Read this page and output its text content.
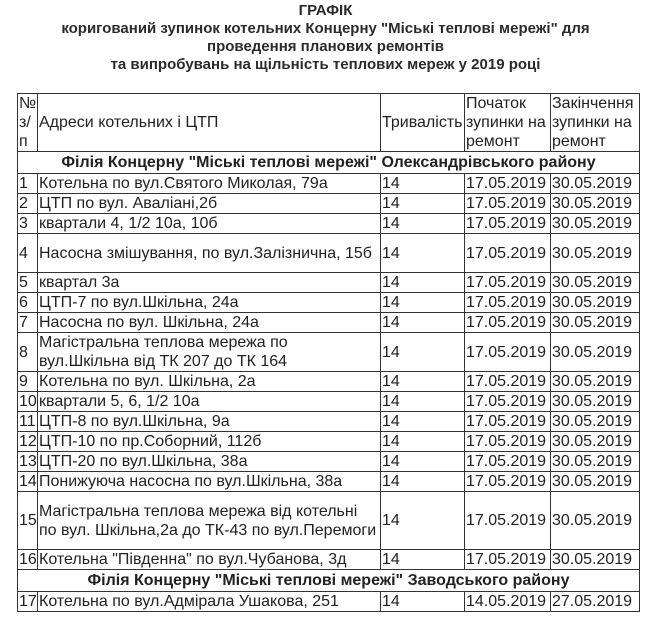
ГРАФІК
коригований зупинок котельних Концерну "Міські теплові мережі" для
проведення планових ремонтів
та випробувань на щільність теплових мереж у 2019 році
№ з/п	Адреси котельних і ЦТП	Тривалість	Початок зупинки на ремонт	Закінчення зупинки на ремонт
Філія Концерну "Міські теплові мережі" Олександрівського району				
1	Котельна по вул.Святого Миколая, 79а	14	17.05.2019	30.05.2019
2	ЦТП по вул. Аваліані,2б	14	17.05.2019	30.05.2019
3	квартали 4, 1/2 10а, 10б	14	17.05.2019	30.05.2019
4	Насосна змішування, по вул.Залізнична, 15б	14	17.05.2019	30.05.2019
5	квартал 3а	14	17.05.2019	30.05.2019
6	ЦТП-7 по вул.Шкільна, 24а	14	17.05.2019	30.05.2019
7	Насосна по вул. Шкільна, 24а	14	17.05.2019	30.05.2019
8	Магістральна теплова мережа по вул.Шкільна від ТК 207 до ТК 164	14	17.05.2019	30.05.2019
9	Котельна по вул. Шкільна, 2а	14	17.05.2019	30.05.2019
10	квартали 5, 6, 1/2 10а	14	17.05.2019	30.05.2019
11	ЦТП-8 по вул.Шкільна, 9а	14	17.05.2019	30.05.2019
12	ЦТП-10 по пр.Соборний, 112б	14	17.05.2019	30.05.2019
13	ЦТП-20 по вул.Шкільна, 38а	14	17.05.2019	30.05.2019
14	Понижуюча насосна по вул.Шкільна, 38а	14	17.05.2019	30.05.2019
15	Магістральна теплова мережа від котельні по вул. Шкільна,2а до ТК-43 по вул.Перемоги	14	17.05.2019	30.05.2019
16	Котельна "Південна" по вул.Чубанова, 3д	14	17.05.2019	30.05.2019
Філія Концерну "Міські теплові мережі" Заводського району				
17	Котельна по вул.Адмірала Ушакова, 251	14	14.05.2019	27.05.2019
